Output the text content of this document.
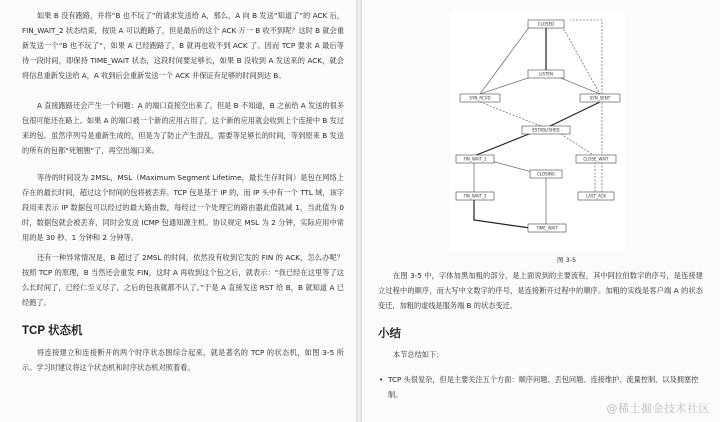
如果 B 没有跑路，并将“B 也不玩了”的请求发送给 A，那么，A 向 B 发送“知道了”的 ACK 后，FIN_WAIT_2 状态结束，按说 A 可以跑路了，但是最后的这个 ACK 万一 B 收不到呢？这时 B 就会重新发送一个“B 也不玩了”，如果 A 已经跑路了，B 就再也收不到 ACK 了。因而 TCP 要求 A 最后等待一段时间，即保持 TIME_WAIT 状态，这段时间要足够长，如果 B 没收到 A 发送来的 ACK，就会将信息重新发送给 A，A 收到后会重新发送一个 ACK 并保证有足够的时间到达 B。

A 直接跑路还会产生一个问题：A 的端口直接空出来了，但是 B 不知道，B 之前给 A 发送的很多包很可能还在路上。如果 A 的端口被一个新的应用占用了，这个新的应用就会收到上个连接中 B 发过来的包。虽然序列号是重新生成的，但是为了防止产生混乱，需要等足够长的时间，等到原来 B 发送的所有的包都“死翘翘”了，再空出端口来。

等待的时间设为 2MSL，MSL（Maximum Segment Lifetime，最长生存时间）是包在网络上存在的最长时间，超过这个时间的包将被丢弃。TCP 包是基于 IP 的，而 IP 头中有一个 TTL 域，该字段用来表示 IP 数据包可以经过的最大路由数，每经过一个处理它的路由器此值就减 1，当此值为 0 时，数据包就会被丢弃，同时会发送 ICMP 包通知源主机。协议规定 MSL 为 2 分钟，实际应用中常用的是 30 秒、1 分钟和 2 分钟等。

还有一种异常情况是，B 超过了 2MSL 的时间，依然没有收到它发的 FIN 的 ACK，怎么办呢？按照 TCP 的原理，B 当然还会重发 FIN，这时 A 再收到这个包之后，就表示：“我已经在这里等了这么长时间了，已经仁至义尽了，之后的包我就都不认了。”于是 A 直接发送 RST 给 B，B 就知道 A 已经跑了。

TCP 状态机

将连接建立和连接断开的两个时序状态图综合起来，就是著名的 TCP 的状态机，如图 3-5 所示。学习时建议将这个状态机和时序状态机对照着看。

CLOSED
LISTEN
SYN_RCVD	SYN_SENT
ESTABLISHED
FIN_WAIT_1	CLOSE_WAIT
CLOSING
FIN_WAIT_2	LAST_ACK
TIME_WAIT
图 3-5

在图 3-5 中，字体加黑加粗的部分，是上面说到的主要流程，其中阿拉伯数字的序号，是连接建立过程中的顺序，而大写中文数字的序号，是连接断开过程中的顺序。加粗的实线是客户端 A 的状态变迁，加粗的虚线是服务端 B 的状态变迁。

小结

本节总结如下：

• TCP 头很复杂，但是主要关注五个方面：顺序问题、丢包问题、连接维护、流量控制、以及拥塞控制。

@稀土掘金技术社区
